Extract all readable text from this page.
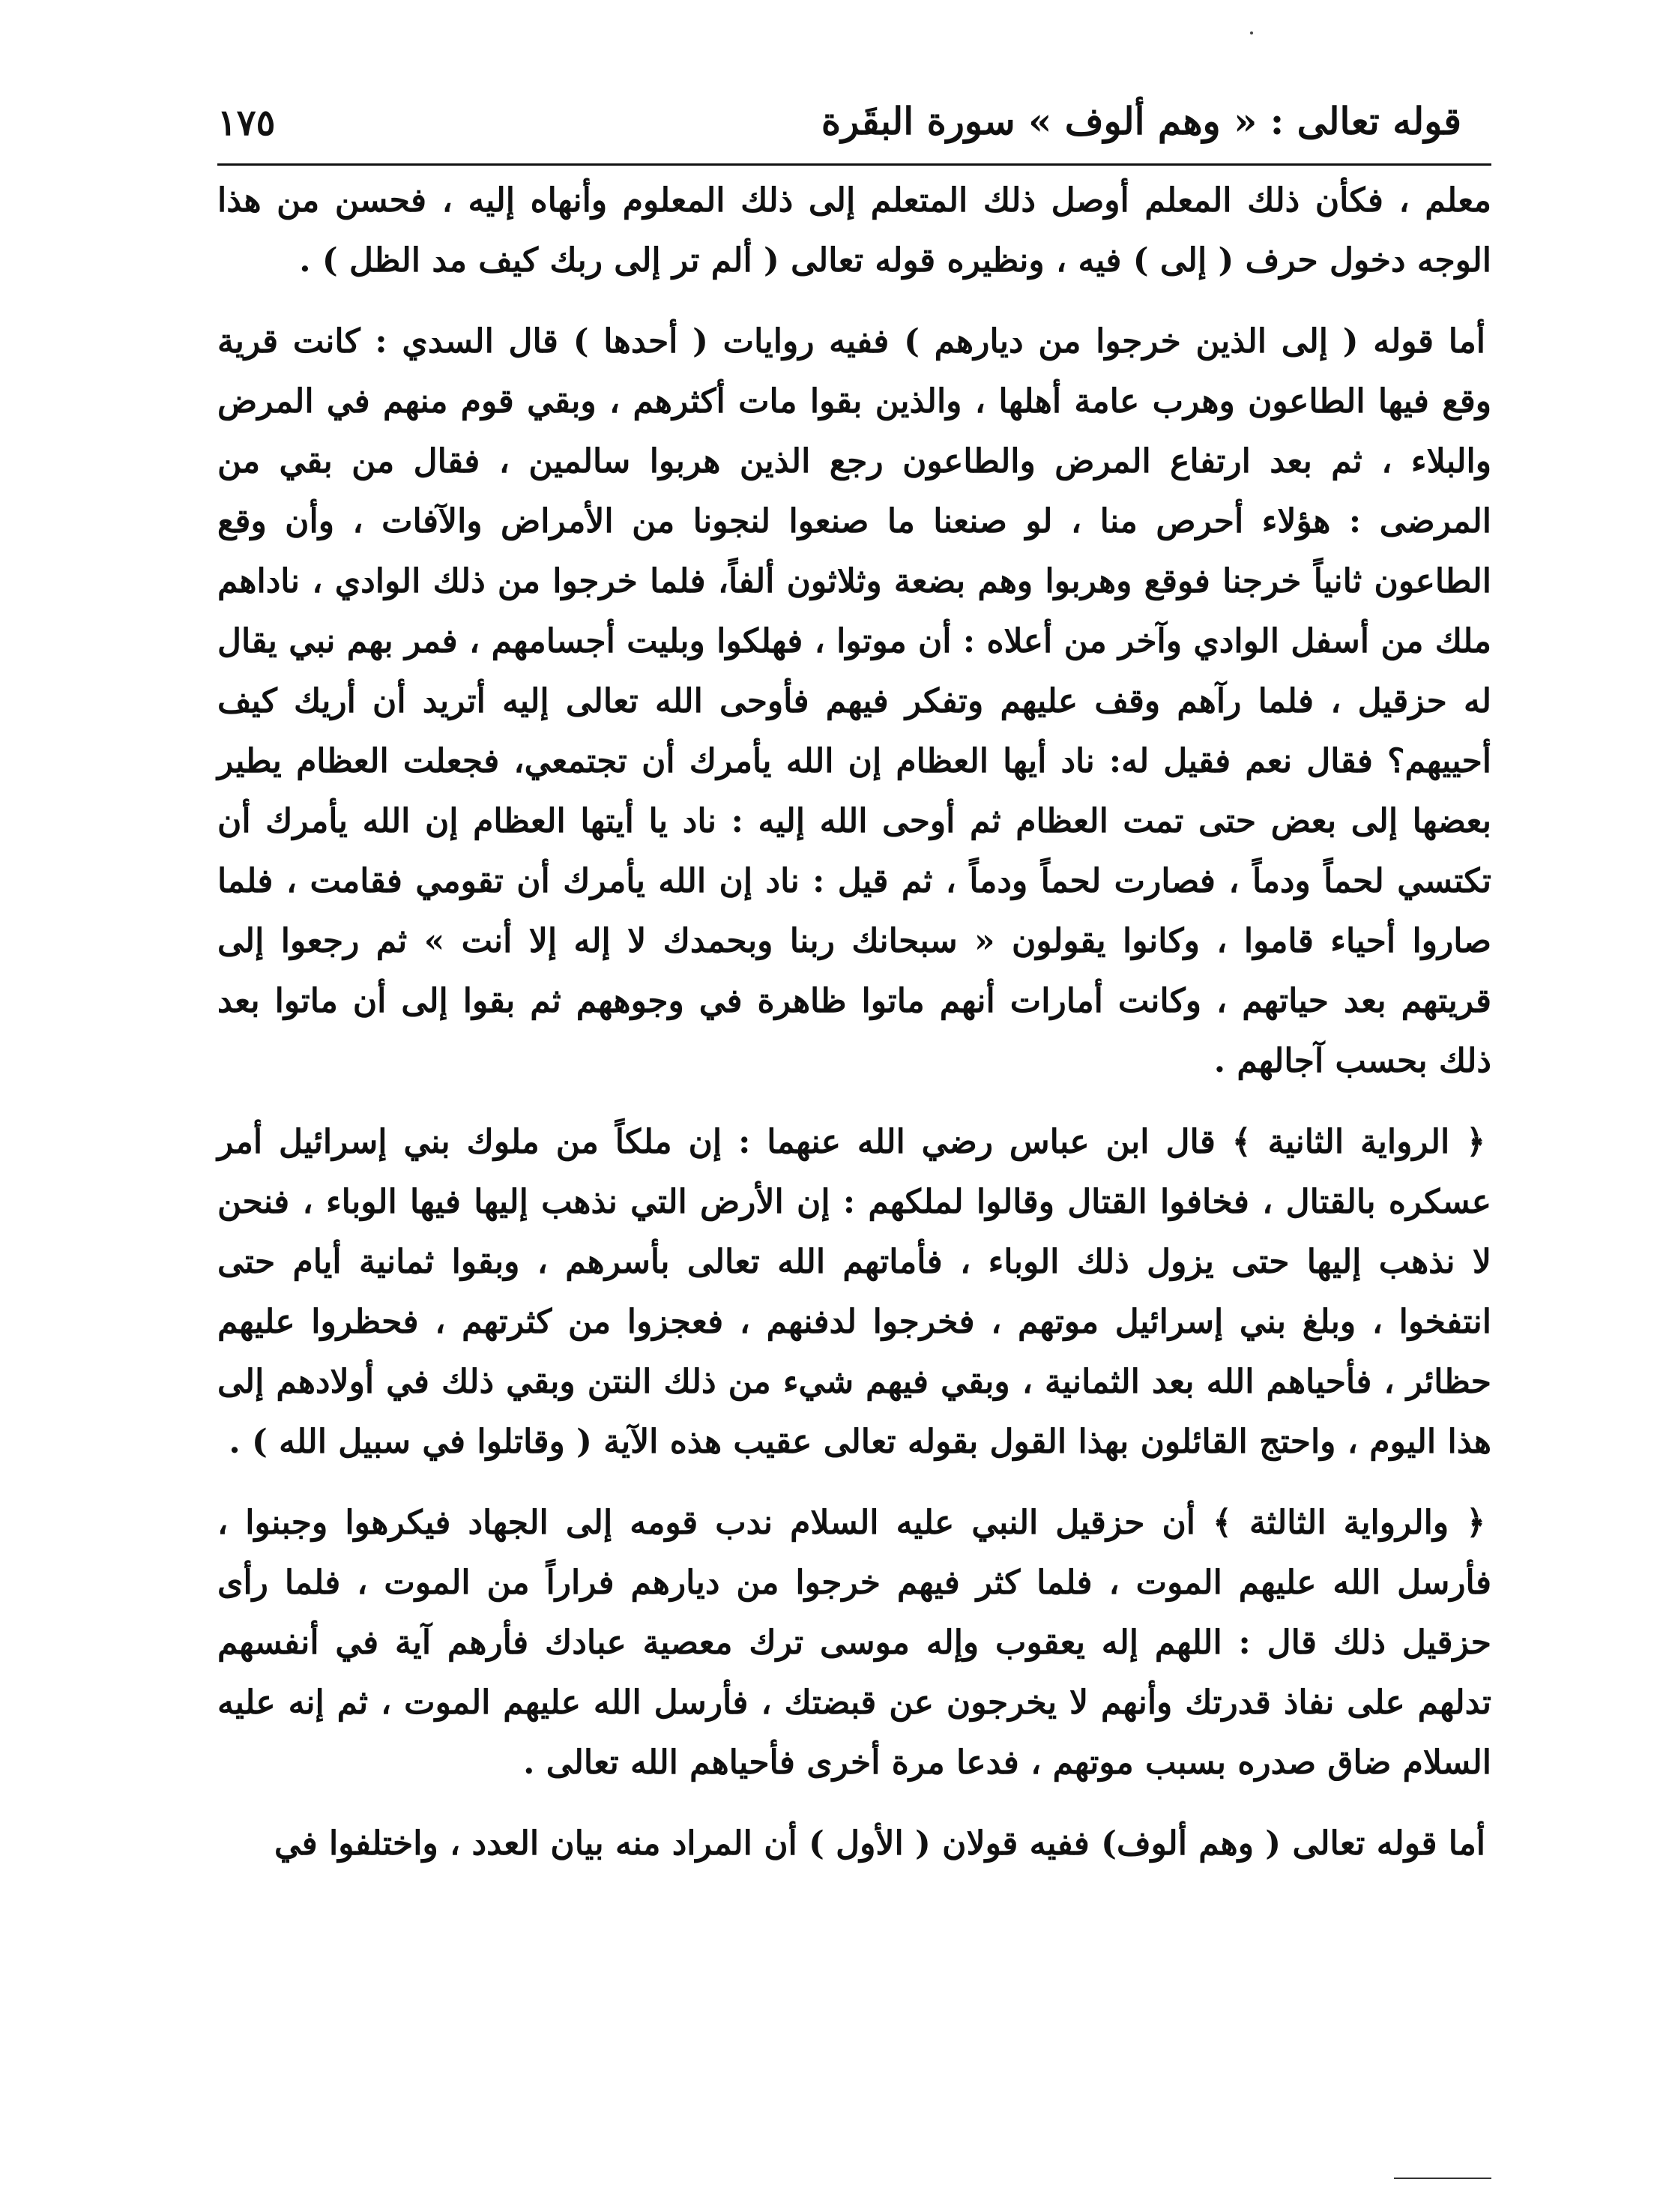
قوله تعالى : « وهم ألوف » سورة البقَرة
١٧٥

معلم ، فكأن ذلك المعلم أوصل ذلك المتعلم إلى ذلك المعلوم وأنهاه إليه ، فحسن من هذا الوجه دخول حرف ( إلى ) فيه ، ونظيره قوله تعالى ( ألم تر إلى ربك كيف مد الظل ) .

أما قوله ( إلى الذين خرجوا من ديارهم ) ففيه روايات ( أحدها ) قال السدي : كانت قرية وقع فيها الطاعون وهرب عامة أهلها ، والذين بقوا مات أكثرهم ، وبقي قوم منهم في المرض والبلاء ، ثم بعد ارتفاع المرض والطاعون رجع الذين هربوا سالمين ، فقال من بقي من المرضى : هؤلاء أحرص منا ، لو صنعنا ما صنعوا لنجونا من الأمراض والآفات ، وأن وقع الطاعون ثانياً خرجنا فوقع وهربوا وهم بضعة وثلاثون ألفاً، فلما خرجوا من ذلك الوادي ، ناداهم ملك من أسفل الوادي وآخر من أعلاه : أن موتوا ، فهلكوا وبليت أجسامهم ، فمر بهم نبي يقال له حزقيل ، فلما رآهم وقف عليهم وتفكر فيهم فأوحى الله تعالى إليه أتريد أن أريك كيف أحييهم؟ فقال نعم فقيل له: ناد أيها العظام إن الله يأمرك أن تجتمعي، فجعلت العظام يطير بعضها إلى بعض حتى تمت العظام ثم أوحى الله إليه : ناد يا أيتها العظام إن الله يأمرك أن تكتسي لحماً ودماً ، فصارت لحماً ودماً ، ثم قيل : ناد إن الله يأمرك أن تقومي فقامت ، فلما صاروا أحياء قاموا ، وكانوا يقولون « سبحانك ربنا وبحمدك لا إله إلا أنت » ثم رجعوا إلى قريتهم بعد حياتهم ، وكانت أمارات أنهم ماتوا ظاهرة في وجوههم ثم بقوا إلى أن ماتوا بعد ذلك بحسب آجالهم .

﴿ الرواية الثانية ﴾ قال ابن عباس رضي الله عنهما : إن ملكاً من ملوك بني إسرائيل أمر عسكره بالقتال ، فخافوا القتال وقالوا لملكهم : إن الأرض التي نذهب إليها فيها الوباء ، فنحن لا نذهب إليها حتى يزول ذلك الوباء ، فأماتهم الله تعالى بأسرهم ، وبقوا ثمانية أيام حتى انتفخوا ، وبلغ بني إسرائيل موتهم ، فخرجوا لدفنهم ، فعجزوا من كثرتهم ، فحظروا عليهم حظائر ، فأحياهم الله بعد الثمانية ، وبقي فيهم شيء من ذلك النتن وبقي ذلك في أولادهم إلى هذا اليوم ، واحتج القائلون بهذا القول بقوله تعالى عقيب هذه الآية ( وقاتلوا في سبيل الله ) .

﴿ والرواية الثالثة ﴾ أن حزقيل النبي عليه السلام ندب قومه إلى الجهاد فيكرهوا وجبنوا ، فأرسل الله عليهم الموت ، فلما كثر فيهم خرجوا من ديارهم فراراً من الموت ، فلما رأى حزقيل ذلك قال : اللهم إله يعقوب وإله موسى ترك معصية عبادك فأرهم آية في أنفسهم تدلهم على نفاذ قدرتك وأنهم لا يخرجون عن قبضتك ، فأرسل الله عليهم الموت ، ثم إنه عليه السلام ضاق صدره بسبب موتهم ، فدعا مرة أخرى فأحياهم الله تعالى .

أما قوله تعالى ( وهم ألوف) ففيه قولان ( الأول ) أن المراد منه بيان العدد ، واختلفوا في
